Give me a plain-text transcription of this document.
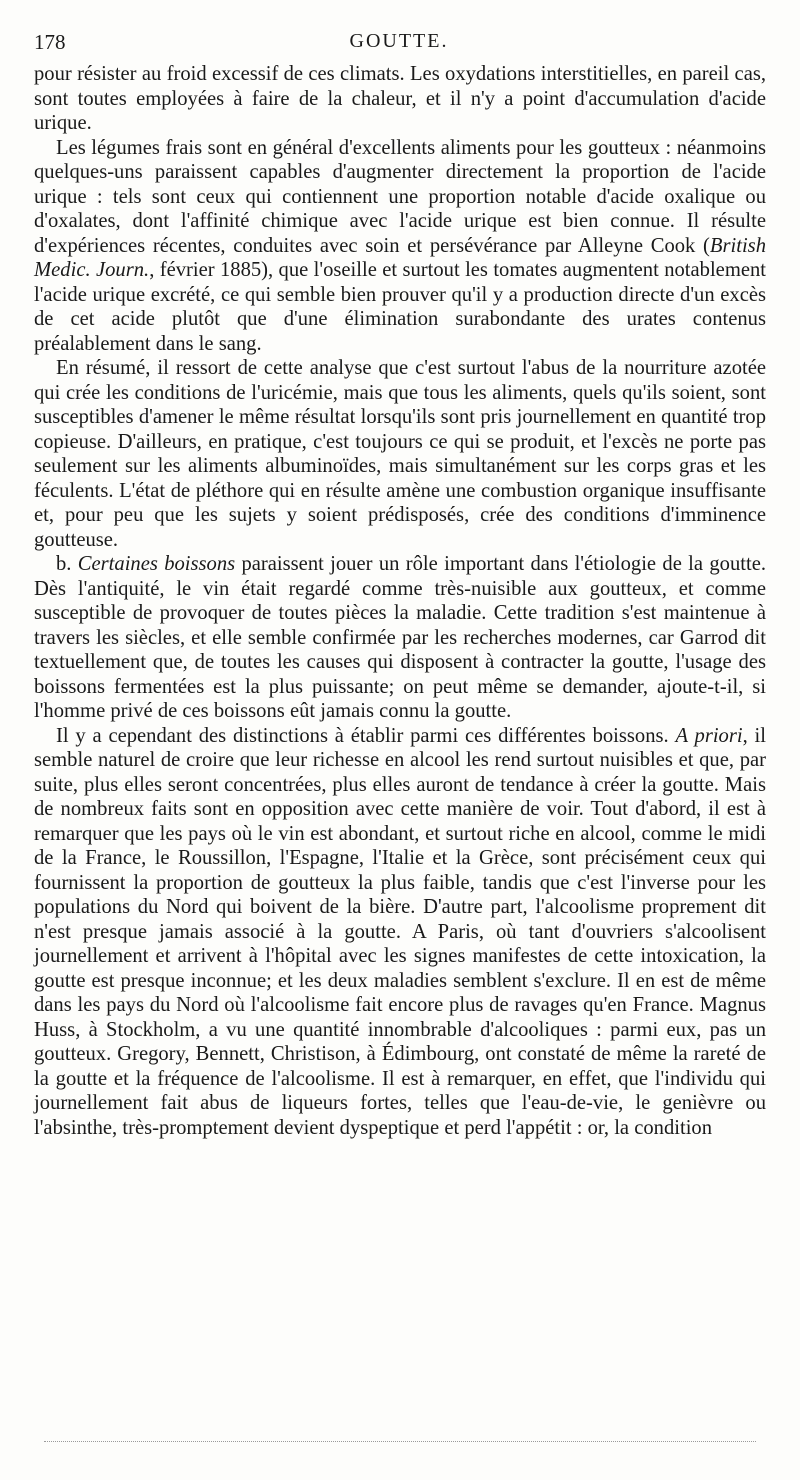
178	GOUTTE.

pour résister au froid excessif de ces climats. Les oxydations interstitielles, en pareil cas, sont toutes employées à faire de la chaleur, et il n'y a point d'accumulation d'acide urique.

Les légumes frais sont en général d'excellents aliments pour les goutteux : néanmoins quelques-uns paraissent capables d'augmenter directement la proportion de l'acide urique : tels sont ceux qui contiennent une proportion notable d'acide oxalique ou d'oxalates, dont l'affinité chimique avec l'acide urique est bien connue. Il résulte d'expériences récentes, conduites avec soin et persévérance par Alleyne Cook (British Medic. Journ., février 1885), que l'oseille et surtout les tomates augmentent notablement l'acide urique excrété, ce qui semble bien prouver qu'il y a production directe d'un excès de cet acide plutôt que d'une élimination surabondante des urates contenus préalablement dans le sang.

En résumé, il ressort de cette analyse que c'est surtout l'abus de la nourriture azotée qui crée les conditions de l'uricémie, mais que tous les aliments, quels qu'ils soient, sont susceptibles d'amener le même résultat lorsqu'ils sont pris journellement en quantité trop copieuse. D'ailleurs, en pratique, c'est toujours ce qui se produit, et l'excès ne porte pas seulement sur les aliments albuminoïdes, mais simultanément sur les corps gras et les féculents. L'état de pléthore qui en résulte amène une combustion organique insuffisante et, pour peu que les sujets y soient prédisposés, crée des conditions d'imminence goutteuse.

b. Certaines boissons paraissent jouer un rôle important dans l'étiologie de la goutte. Dès l'antiquité, le vin était regardé comme très-nuisible aux goutteux, et comme susceptible de provoquer de toutes pièces la maladie. Cette tradition s'est maintenue à travers les siècles, et elle semble confirmée par les recherches modernes, car Garrod dit textuellement que, de toutes les causes qui disposent à contracter la goutte, l'usage des boissons fermentées est la plus puissante; on peut même se demander, ajoute-t-il, si l'homme privé de ces boissons eût jamais connu la goutte.

Il y a cependant des distinctions à établir parmi ces différentes boissons. A priori, il semble naturel de croire que leur richesse en alcool les rend surtout nuisibles et que, par suite, plus elles seront concentrées, plus elles auront de tendance à créer la goutte. Mais de nombreux faits sont en opposition avec cette manière de voir. Tout d'abord, il est à remarquer que les pays où le vin est abondant, et surtout riche en alcool, comme le midi de la France, le Roussillon, l'Espagne, l'Italie et la Grèce, sont précisément ceux qui fournissent la proportion de goutteux la plus faible, tandis que c'est l'inverse pour les populations du Nord qui boivent de la bière. D'autre part, l'alcoolisme proprement dit n'est presque jamais associé à la goutte. A Paris, où tant d'ouvriers s'alcoolisent journellement et arrivent à l'hôpital avec les signes manifestes de cette intoxication, la goutte est presque inconnue; et les deux maladies semblent s'exclure. Il en est de même dans les pays du Nord où l'alcoolisme fait encore plus de ravages qu'en France. Magnus Huss, à Stockholm, a vu une quantité innombrable d'alcooliques : parmi eux, pas un goutteux. Gregory, Bennett, Christison, à Édimbourg, ont constaté de même la rareté de la goutte et la fréquence de l'alcoolisme. Il est à remarquer, en effet, que l'individu qui journellement fait abus de liqueurs fortes, telles que l'eau-de-vie, le genièvre ou l'absinthe, très-promptement devient dyspeptique et perd l'appétit : or, la condition
